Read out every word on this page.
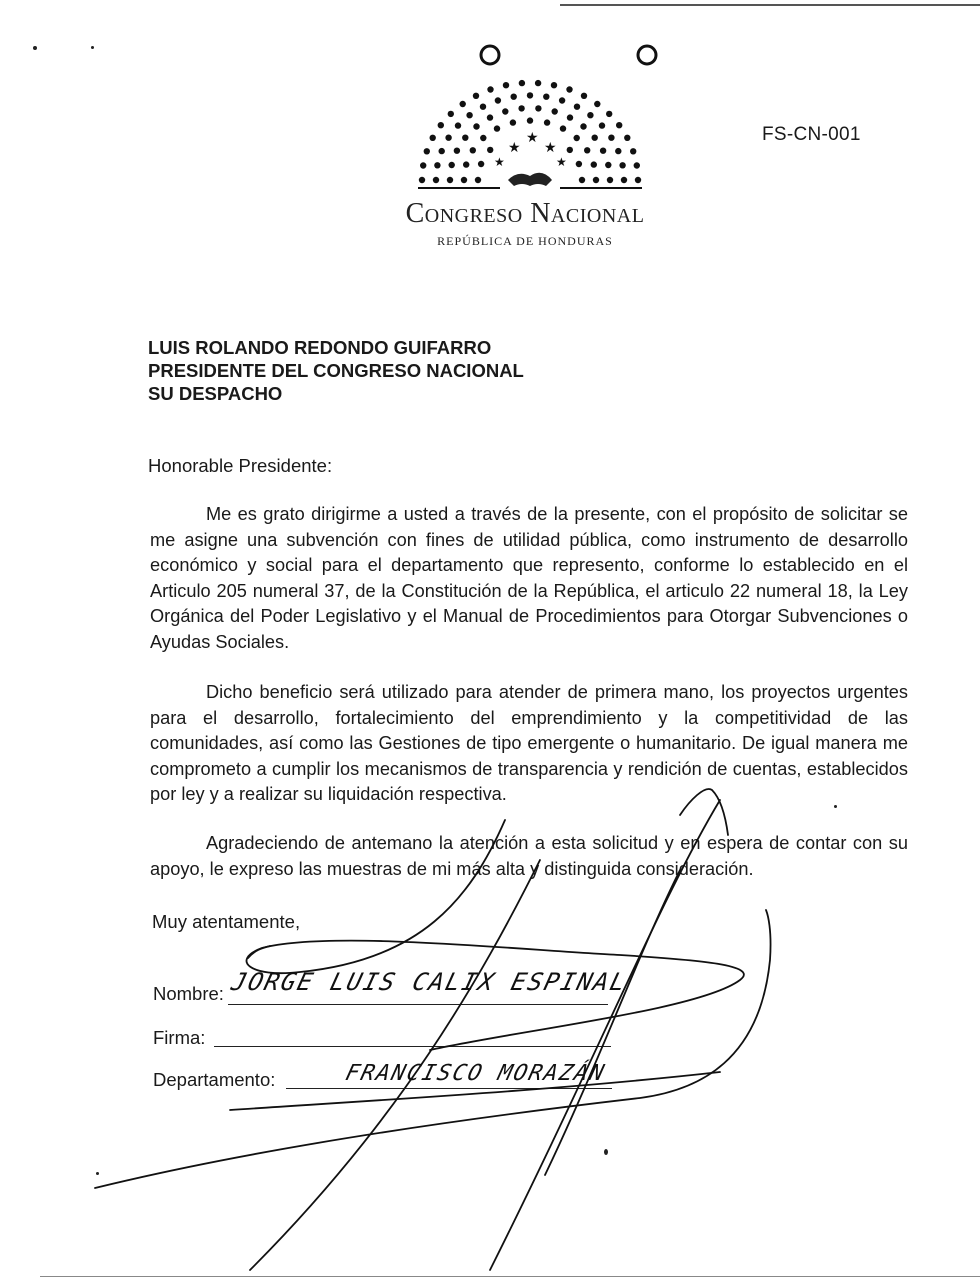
★
★
★
★	★
FS-CN-001
Congreso Nacional
REPÚBLICA DE HONDURAS
LUIS ROLANDO REDONDO GUIFARRO
PRESIDENTE DEL CONGRESO NACIONAL
SU DESPACHO
Honorable Presidente:
Me es grato dirigirme a usted a través de la presente, con el propósito de solicitar se me asigne una subvención con fines de utilidad pública, como instrumento de desarrollo económico y social para el departamento que represento, conforme lo establecido en el Articulo 205 numeral 37, de la Constitución de la República, el articulo 22 numeral 18, la Ley Orgánica del Poder Legislativo y el Manual de Procedimientos para Otorgar Subvenciones o Ayudas Sociales.
Dicho beneficio será utilizado para atender de primera mano, los proyectos urgentes para el desarrollo, fortalecimiento del emprendimiento y la competitividad de las comunidades, así como las Gestiones de tipo emergente o humanitario. De igual manera me comprometo a cumplir los mecanismos de transparencia y rendición de cuentas, establecidos por ley y a realizar su liquidación respectiva.
Agradeciendo de antemano la atención a esta solicitud y en espera de contar con su apoyo, le expreso las muestras de mi más alta y distinguida consideración.
Muy atentamente,
Nombre: JORGE LUIS CALIX ESPINAL
Firma:
Departamento:	FRANCISCO MORAZÁN
